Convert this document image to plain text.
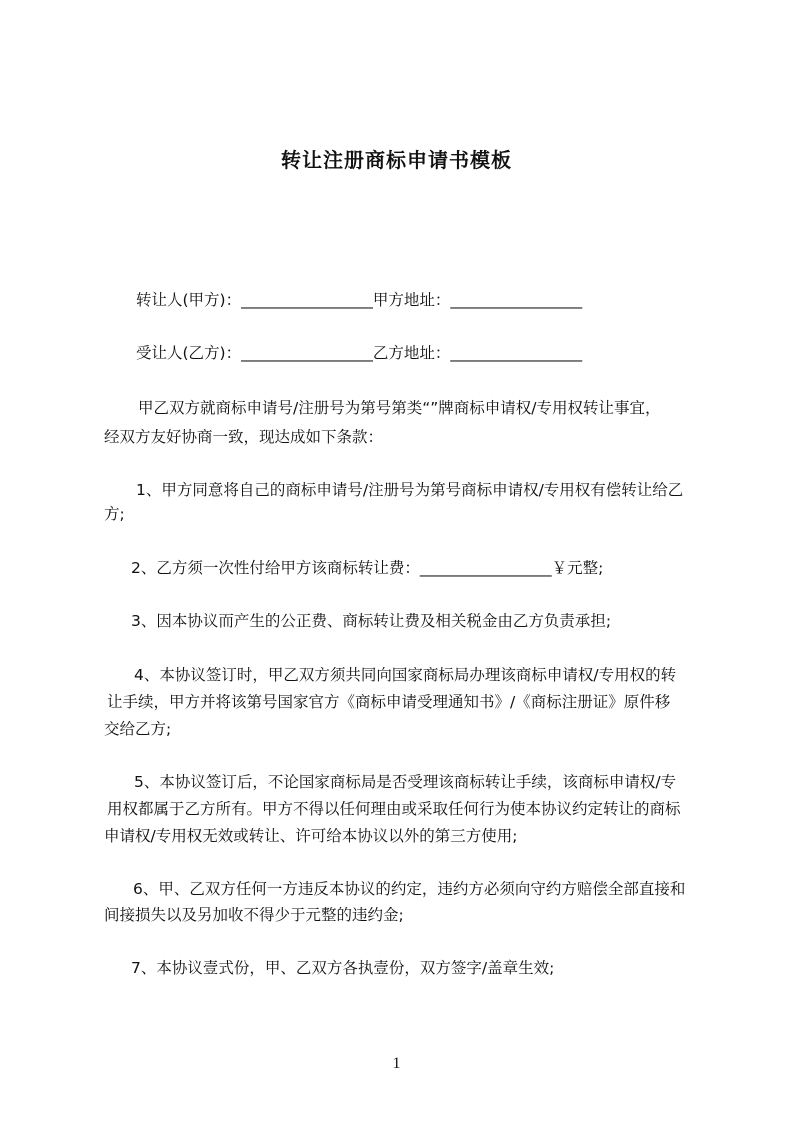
转让注册商标申请书模板
转让人(甲方)：_________________甲方地址：_________________
受让人(乙方)：_________________乙方地址：_________________
甲乙双方就商标申请号/注册号为第号第类“”牌商标申请权/专用权转让事宜，
经双方友好协商一致，现达成如下条款：
1、甲方同意将自己的商标申请号/注册号为第号商标申请权/专用权有偿转让给乙
方;
2、乙方须一次性付给甲方该商标转让费：_________________￥元整;
3、因本协议而产生的公正费、商标转让费及相关税金由乙方负责承担;
4、本协议签订时，甲乙双方须共同向国家商标局办理该商标申请权/专用权的转
让手续，甲方并将该第号国家官方《商标申请受理通知书》/《商标注册证》原件移
交给乙方;
5、本协议签订后，不论国家商标局是否受理该商标转让手续，该商标申请权/专
用权都属于乙方所有。甲方不得以任何理由或采取任何行为使本协议约定转让的商标
申请权/专用权无效或转让、许可给本协议以外的第三方使用;
6、甲、乙双方任何一方违反本协议的约定，违约方必须向守约方赔偿全部直接和
间接损失以及另加收不得少于元整的违约金;
7、本协议壹式份，甲、乙双方各执壹份，双方签字/盖章生效;
1
